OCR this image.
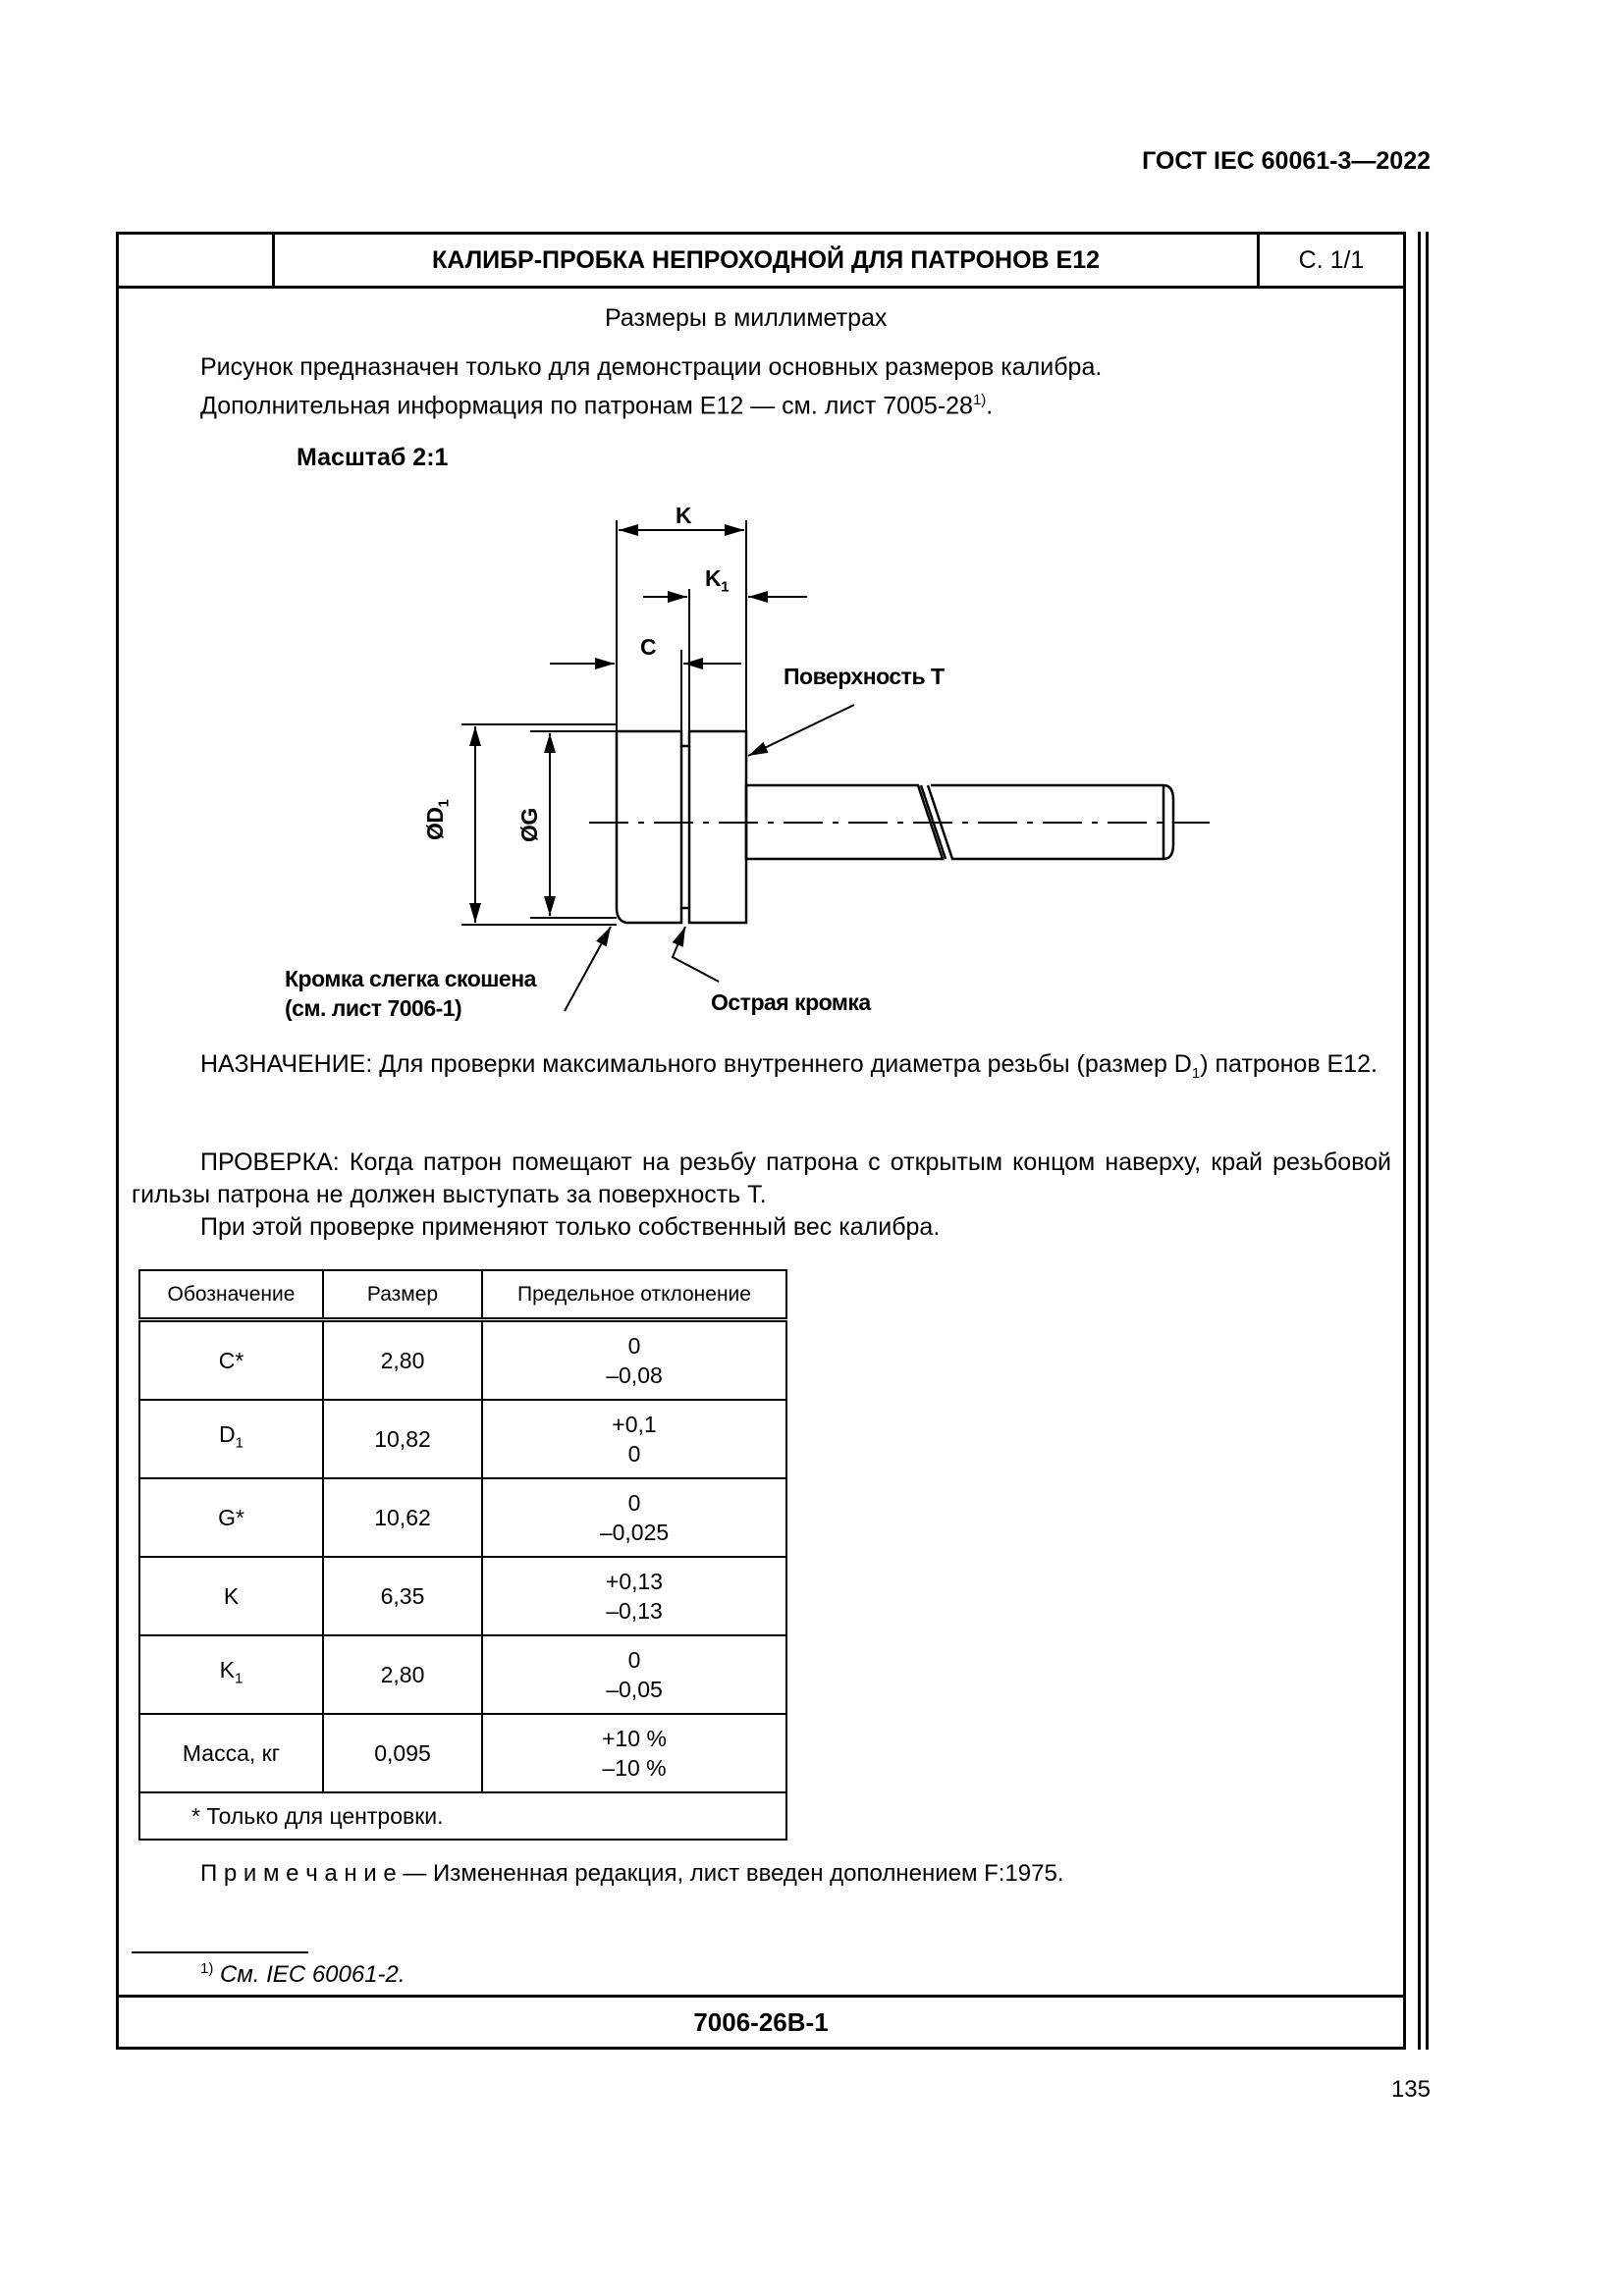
ГОСТ IEC 60061-3—2022
КАЛИБР-ПРОБКА НЕПРОХОДНОЙ ДЛЯ ПАТРОНОВ E12	С. 1/1
7006-26B-1
Размеры в миллиметрах
Рисунок предназначен только для демонстрации основных размеров калибра.
Дополнительная информация по патронам E12 — см. лист 7005-28$^{1)}$.
Масштаб 2:1
K
$K_1$
C
Поверхность T
$ØD_1$
ØG
Кромка слегка скошена
(см. лист 7006-1)	Острая кромка
НАЗНАЧЕНИЕ: Для проверки максимального внутреннего диаметра резьбы (размер $D_1$) патронов E12.
ПРОВЕРКА: Когда патрон помещают на резьбу патрона с открытым концом наверху, край резьбовой гильзы патрона не должен выступать за поверхность T.
При этой проверке применяют только собственный вес калибра.
Обозначение	Размер	Предельное отклонение
C*	2,80	0
–0,08

$D_1$	10,82	+0,1
0

G*	10,62	0
–0,025

K	6,35	+0,13
–0,13

$K_1$	2,80	0
–0,05

Масса, кг	0,095	+10 %
–10 %

* Только для центровки.		
П р и м е ч а н и е — Измененная редакция, лист введен дополнением F:1975.
$^{1)}$ См. IEC 60061-2.
135
